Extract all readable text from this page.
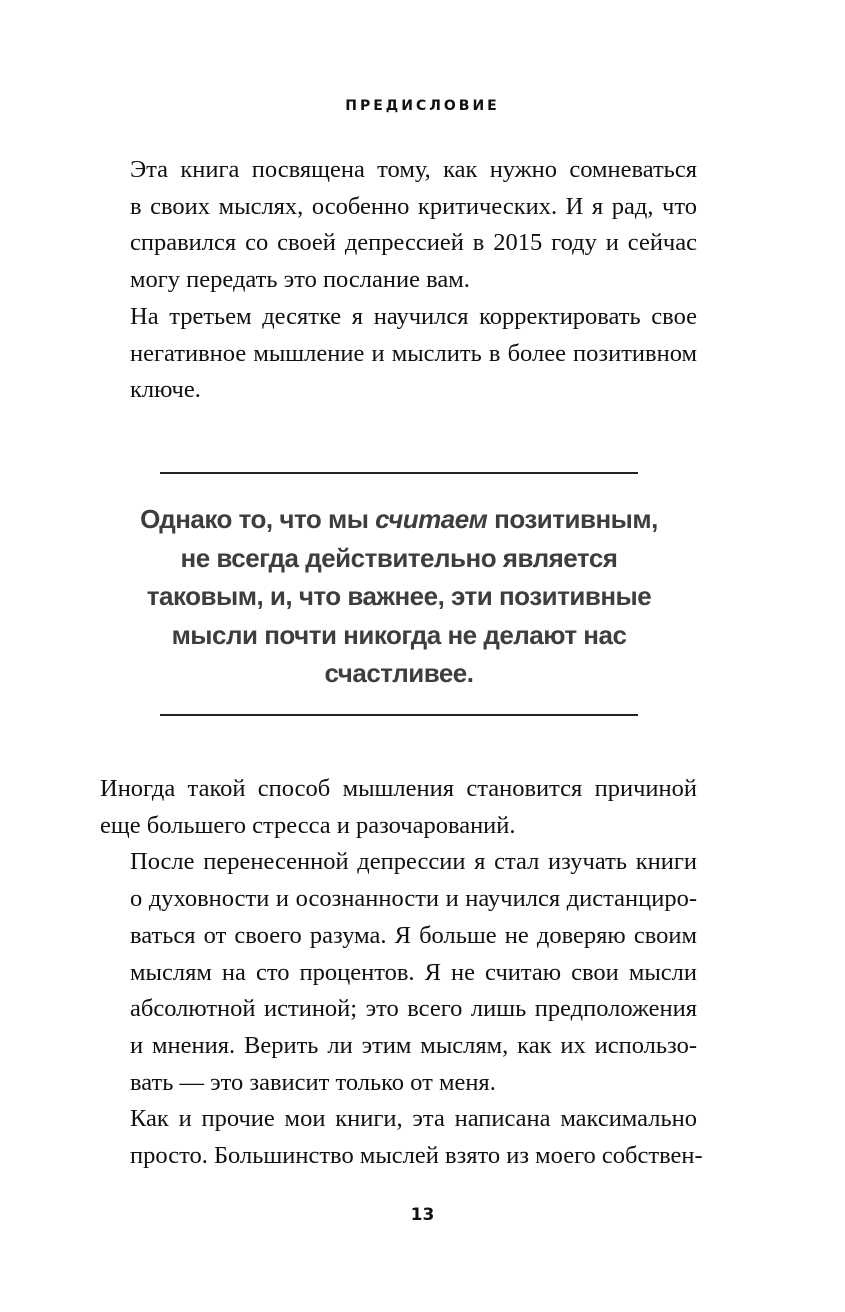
ПРЕДИСЛОВИЕ

Эта книга посвящена тому, как нужно сомневаться
в своих мыслях, особенно критических. И я рад, что
справился со своей депрессией в 2015 году и сейчас
могу передать это послание вам.

На третьем десятке я научился корректировать свое
негативное мышление и мыслить в более позитивном
ключе.

Однако то, что мы считаем позитивным,
не всегда действительно является
таковым, и, что важнее, эти позитивные
мысли почти никогда не делают нас
счастливее.

Иногда такой способ мышления становится причиной
еще большего стресса и разочарований.

После перенесенной депрессии я стал изучать книги
о духовности и осознанности и научился дистанциро-
ваться от своего разума. Я больше не доверяю своим
мыслям на сто процентов. Я не считаю свои мысли
абсолютной истиной; это всего лишь предположения
и мнения. Верить ли этим мыслям, как их использо-
вать — это зависит только от меня.

Как и прочие мои книги, эта написана максимально
просто. Большинство мыслей взято из моего собствен-

13
